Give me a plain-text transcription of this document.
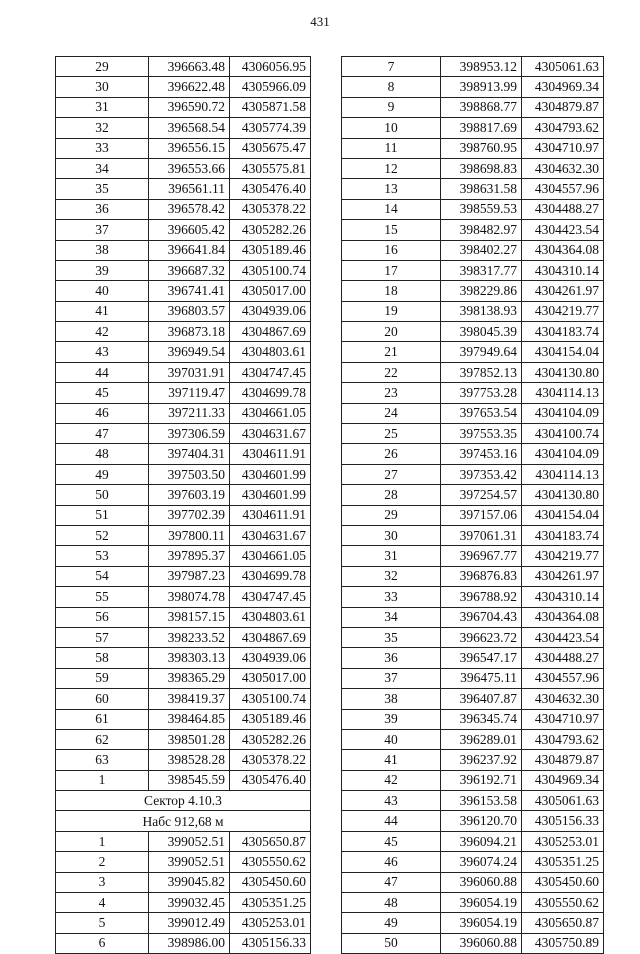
431
29	396663.48	4306056.95
30	396622.48	4305966.09
31	396590.72	4305871.58
32	396568.54	4305774.39
33	396556.15	4305675.47
34	396553.66	4305575.81
35	396561.11	4305476.40
36	396578.42	4305378.22
37	396605.42	4305282.26
38	396641.84	4305189.46
39	396687.32	4305100.74
40	396741.41	4305017.00
41	396803.57	4304939.06
42	396873.18	4304867.69
43	396949.54	4304803.61
44	397031.91	4304747.45
45	397119.47	4304699.78
46	397211.33	4304661.05
47	397306.59	4304631.67
48	397404.31	4304611.91
49	397503.50	4304601.99
50	397603.19	4304601.99
51	397702.39	4304611.91
52	397800.11	4304631.67
53	397895.37	4304661.05
54	397987.23	4304699.78
55	398074.78	4304747.45
56	398157.15	4304803.61
57	398233.52	4304867.69
58	398303.13	4304939.06
59	398365.29	4305017.00
60	398419.37	4305100.74
61	398464.85	4305189.46
62	398501.28	4305282.26
63	398528.28	4305378.22
1	398545.59	4305476.40
Сектор 4.10.3		
Набс 912,68 м		
1	399052.51	4305650.87
2	399052.51	4305550.62
3	399045.82	4305450.60
4	399032.45	4305351.25
5	399012.49	4305253.01
6	398986.00	4305156.33
7	398953.12	4305061.63
8	398913.99	4304969.34
9	398868.77	4304879.87
10	398817.69	4304793.62
11	398760.95	4304710.97
12	398698.83	4304632.30
13	398631.58	4304557.96
14	398559.53	4304488.27
15	398482.97	4304423.54
16	398402.27	4304364.08
17	398317.77	4304310.14
18	398229.86	4304261.97
19	398138.93	4304219.77
20	398045.39	4304183.74
21	397949.64	4304154.04
22	397852.13	4304130.80
23	397753.28	4304114.13
24	397653.54	4304104.09
25	397553.35	4304100.74
26	397453.16	4304104.09
27	397353.42	4304114.13
28	397254.57	4304130.80
29	397157.06	4304154.04
30	397061.31	4304183.74
31	396967.77	4304219.77
32	396876.83	4304261.97
33	396788.92	4304310.14
34	396704.43	4304364.08
35	396623.72	4304423.54
36	396547.17	4304488.27
37	396475.11	4304557.96
38	396407.87	4304632.30
39	396345.74	4304710.97
40	396289.01	4304793.62
41	396237.92	4304879.87
42	396192.71	4304969.34
43	396153.58	4305061.63
44	396120.70	4305156.33
45	396094.21	4305253.01
46	396074.24	4305351.25
47	396060.88	4305450.60
48	396054.19	4305550.62
49	396054.19	4305650.87
50	396060.88	4305750.89
